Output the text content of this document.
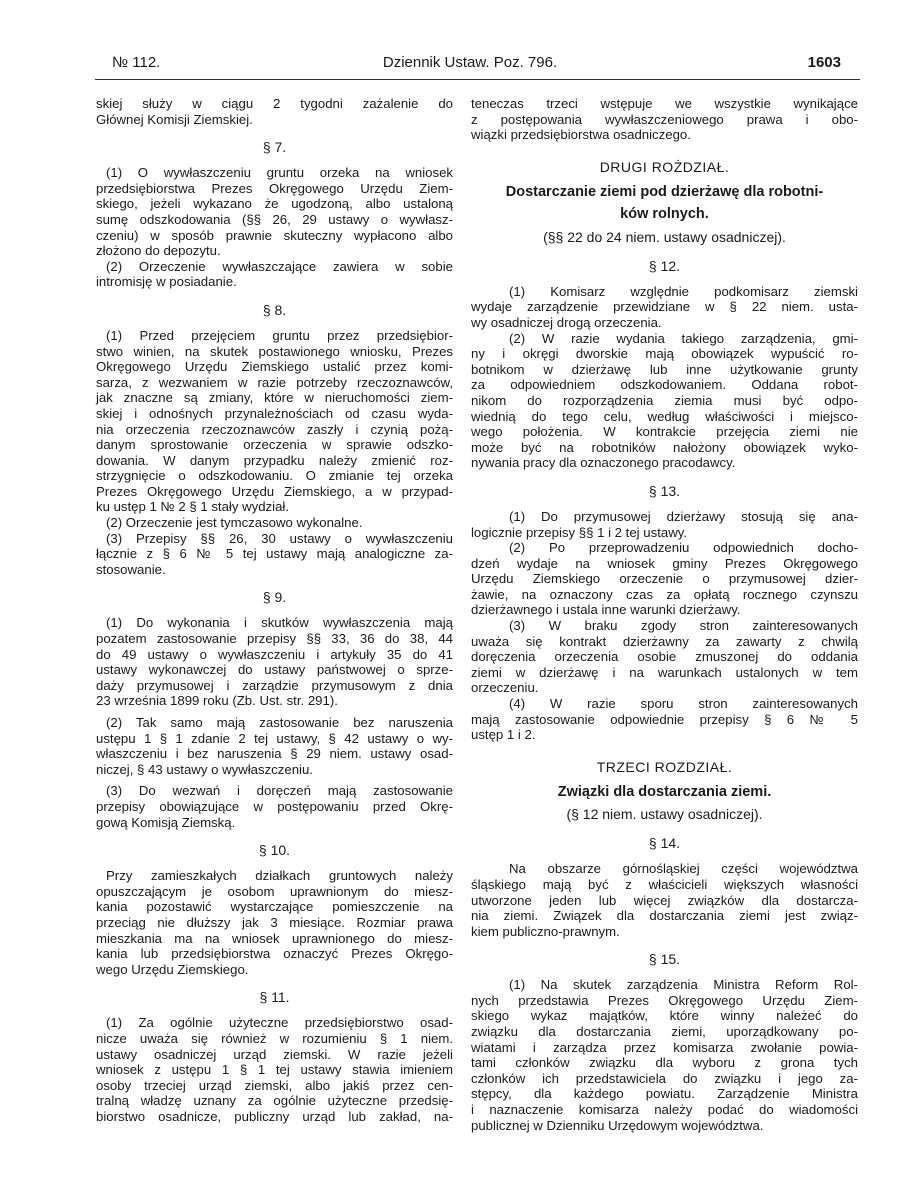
№ 112.	Dziennik Ustaw. Poz. 796.	1603
skiej służy w ciągu 2 tygodni zażalenie do
Głównej Komisji Ziemskiej.
§ 7.
(1) O wywłaszczeniu gruntu orzeka na wniosek
przedsiębiorstwa Prezes Okręgowego Urzędu Ziem-
skiego, jeżeli wykazano że ugodzoną, albo ustaloną
sumę odszkodowania (§§ 26, 29 ustawy o wywłasz-
czeniu) w sposób prawnie skuteczny wypłacono albo
złożono do depozytu.
(2) Orzeczenie wywłaszczające zawiera w sobie
intromisję w posiadanie.
§ 8.
(1) Przed przejęciem gruntu przez przedsiębior-
stwo winien, na skutek postawionego wniosku, Prezes
Okręgowego Urzędu Ziemskiego ustalić przez komi-
sarza, z wezwaniem w razie potrzeby rzeczoznawców,
jak znaczne są zmiany, które w nieruchomości ziem-
skiej i odnośnych przynależnościach od czasu wyda-
nia orzeczenia rzeczoznawców zaszły i czynią pożą-
danym sprostowanie orzeczenia w sprawie odszko-
dowania. W danym przypadku należy zmienić roz-
strzygnięcie o odszkodowaniu. O zmianie tej orzeka
Prezes Okręgowego Urzędu Ziemskiego, a w przypad-
ku ustęp 1 № 2 § 1 stały wydział.
(2) Orzeczenie jest tymczasowo wykonalne.
(3) Przepisy §§ 26, 30 ustawy o wywłaszczeniu
łącznie z § 6 № 5 tej ustawy mają analogiczne za-
stosowanie.
§ 9.
(1) Do wykonania i skutków wywłaszczenia mają
pozatem zastosowanie przepisy §§ 33, 36 do 38, 44
do 49 ustawy o wywłaszczeniu i artykuły 35 do 41
ustawy wykonawczej do ustawy państwowej o sprze-
daży przymusowej i zarządzie przymusowym z dnia
23 września 1899 roku (Zb. Ust. str. 291).
(2) Tak samo mają zastosowanie bez naruszenia
ustępu 1 § 1 zdanie 2 tej ustawy, § 42 ustawy o wy-
właszczeniu i bez naruszenia § 29 niem. ustawy osad-
niczej, § 43 ustawy o wywłaszczeniu.
(3) Do wezwań i doręczeń mają zastosowanie
przepisy obowiązujące w postępowaniu przed Okrę-
gową Komisją Ziemską.
§ 10.
Przy zamieszkałych działkach gruntowych należy
opuszczającym je osobom uprawnionym do miesz-
kania pozostawić wystarczające pomieszczenie na
przeciąg nie dłuższy jak 3 miesiące. Rozmiar prawa
mieszkania ma na wniosek uprawnionego do miesz-
kania lub przedsiębiorstwa oznaczyć Prezes Okręgo-
wego Urzędu Ziemskiego.
§ 11.
(1) Za ogólnie użyteczne przedsiębiorstwo osad-
nicze uważa się również w rozumieniu § 1 niem.
ustawy osadniczej urząd ziemski. W razie jeżeli
wniosek z ustępu 1 § 1 tej ustawy stawia imieniem
osoby trzeciej urząd ziemski, albo jakiś przez cen-
tralną władzę uznany za ogólnie użyteczne przedsię-
biorstwo osadnicze, publiczny urząd lub zakład, na-
teneczas trzeci wstępuje we wszystkie wynikające
z postępowania wywłaszczeniowego prawa i obo-
wiązki przedsiębiorstwa osadniczego.
DRUGI ROŻDZIAŁ.
Dostarczanie ziemi pod dzierżawę dla robotni-
ków rolnych.
(§§ 22 do 24 niem. ustawy osadniczej).
§ 12.
(1) Komisarz względnie podkomisarz ziemski
wydaje zarządzenie przewidziane w § 22 niem. usta-
wy osadniczej drogą orzeczenia.
(2) W razie wydania takiego zarządzenia, gmi-
ny i okręgi dworskie mają obowiązek wypuścić ro-
botnikom w dzierżawę lub inne użytkowanie grunty
za odpowiedniem odszkodowaniem. Oddana robot-
nikom do rozporządzenia ziemia musi być odpo-
wiednią do tego celu, według właściwości i miejsco-
wego położenia. W kontrakcie przejęcia ziemi nie
może być na robotników nałożony obowiązek wyko-
nywania pracy dla oznaczonego pracodawcy.
§ 13.
(1) Do przymusowej dzierżawy stosują się ana-
logicznie przepisy §§ 1 i 2 tej ustawy.
(2) Po przeprowadzeniu odpowiednich docho-
dzeń wydaje na wniosek gminy Prezes Okręgowego
Urzędu Ziemskiego orzeczenie o przymusowej dzier-
żawie, na oznaczony czas za opłatą rocznego czynszu
dzierżawnego i ustala inne warunki dzierżawy.
(3) W braku zgody stron zainteresowanych
uważa się kontrakt dzierżawny za zawarty z chwilą
doręczenia orzeczenia osobie zmuszonej do oddania
ziemi w dzierżawę i na warunkach ustalonych w tem
orzeczeniu.
(4) W razie sporu stron zainteresowanych
mają zastosowanie odpowiednie przepisy § 6 № 5
ustęp 1 i 2.
TRZECI ROZDZIAŁ.
Związki dla dostarczania ziemi.
(§ 12 niem. ustawy osadniczej).
§ 14.
Na obszarze górnośląskiej części województwa
śląskiego mają być z właścicieli większych własności
utworzone jeden lub więcej związków dla dostarcza-
nia ziemi. Związek dla dostarczania ziemi jest związ-
kiem publiczno-prawnym.
§ 15.
(1) Na skutek zarządzenia Ministra Reform Rol-
nych przedstawia Prezes Okręgowego Urzędu Ziem-
skiego wykaz majątków, które winny należeć do
związku dla dostarczania ziemi, uporządkowany po-
wiatami i zarządza przez komisarza zwołanie powia-
tami członków związku dla wyboru z grona tych
członków ich przedstawiciela do związku i jego za-
stępcy, dla każdego powiatu. Zarządzenie Ministra
i naznaczenie komisarza należy podać do wiadomości
publicznej w Dzienniku Urzędowym województwa.
